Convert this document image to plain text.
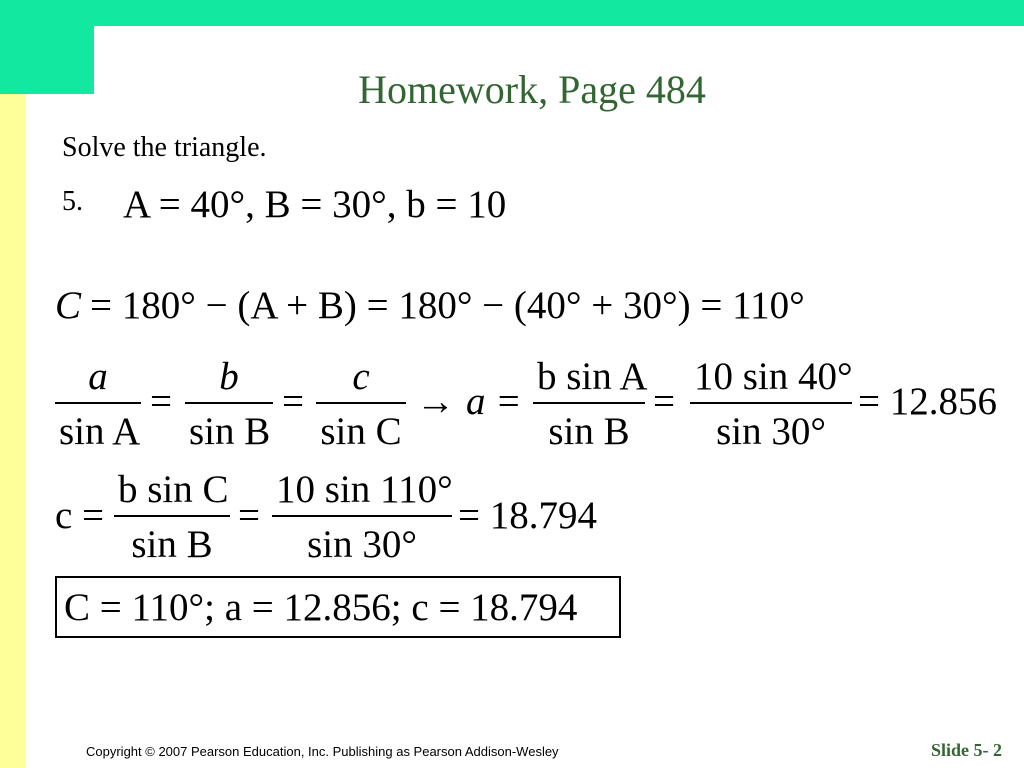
Homework, Page 484
Solve the triangle.
5. A = 40°, B = 30°, b = 10
C = 180° − (A + B) = 180° − (40° + 30°) = 110°
a
sin A
=
b
sin B
=
c
sin C
→ a =
b sin A
sin B
=
10 sin 40°
sin 30°
= 12.856
c =
b sin C
sin B
=
10 sin 110°
sin 30°
= 18.794
C = 110°; a = 12.856; c = 18.794
Copyright © 2007 Pearson Education, Inc. Publishing as Pearson Addison-Wesley	Slide 5- 2
